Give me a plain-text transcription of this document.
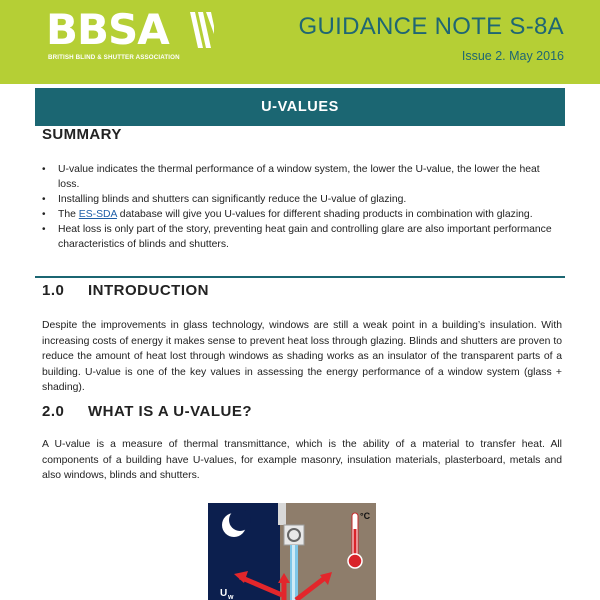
BBSA
BRITISH BLIND & SHUTTER ASSOCIATION
GUIDANCE NOTE S-8A
Issue 2. May 2016
U-VALUES
SUMMARY
• U-value indicates the thermal performance of a window system, the lower the U-value, the lower the heat loss.
• Installing blinds and shutters can significantly reduce the U-value of glazing.
• The ES-SDA database will give you U-values for different shading products in combination with glazing.
• Heat loss is only part of the story, preventing heat gain and controlling glare are also important performance characteristics of blinds and shutters.
1.0 INTRODUCTION

Despite the improvements in glass technology, windows are still a weak point in a building’s insulation. With increasing costs of energy it makes sense to prevent heat loss through glazing. Blinds and shutters are proven to reduce the amount of heat lost through windows as shading works as an insulator of the transparent parts of a building. U-value is one of the key values in assessing the energy performance of a window system (glass + shading).

2.0 WHAT IS A U-VALUE?

A U-value is a measure of thermal transmittance, which is the ability of a material to transfer heat. All components of a building have U-values, for example masonry, insulation materials, plasterboard, metals and also windows, blinds and shutters.

°C
U w
